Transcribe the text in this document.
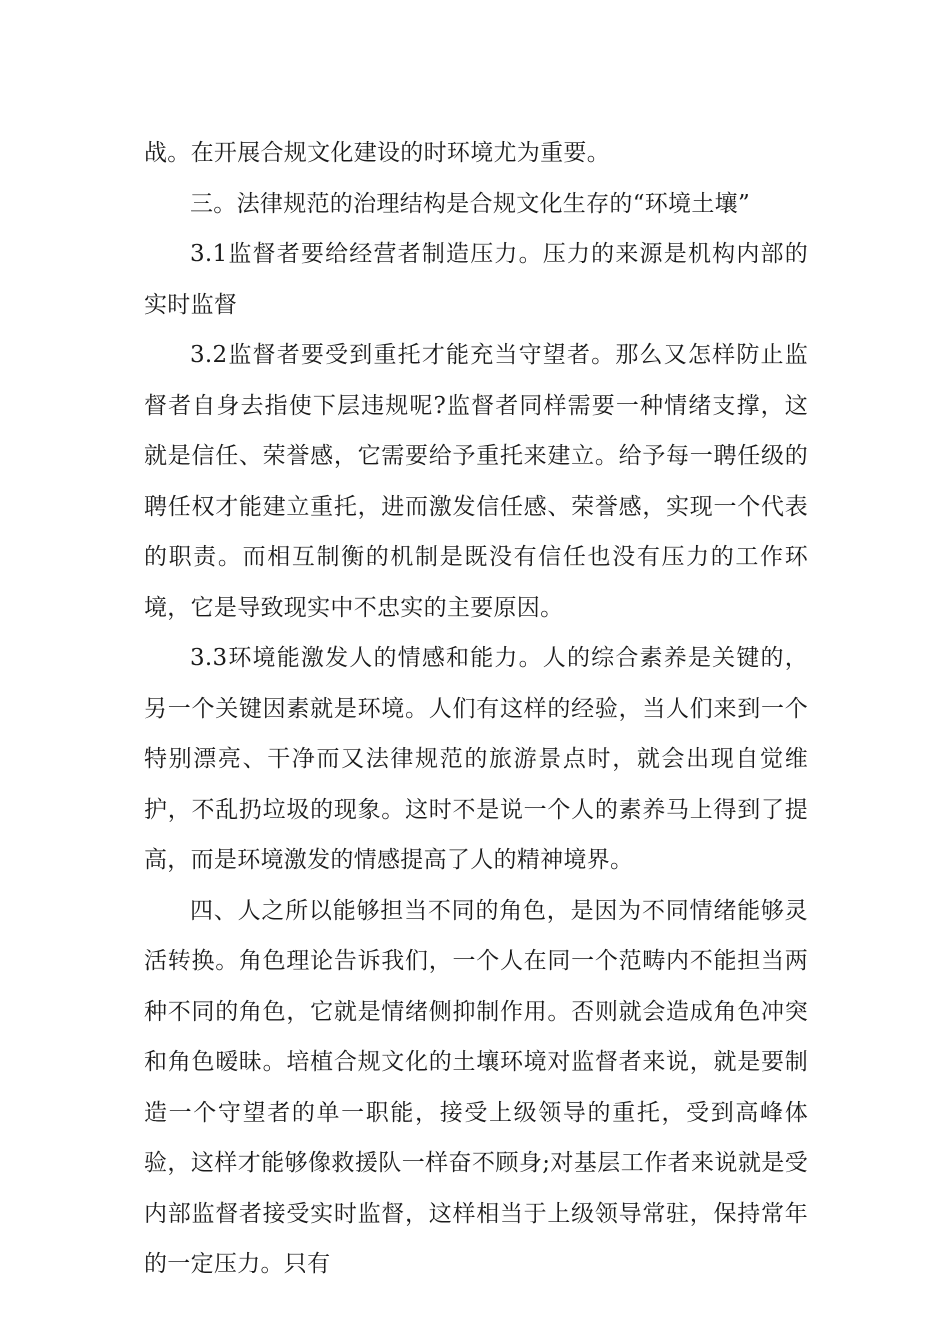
战。在开展合规文化建设的时环境尤为重要。

三。法律规范的治理结构是合规文化生存的“环境土壤”

3.1监督者要给经营者制造压力。压力的来源是机构内部的实时监督

3.2监督者要受到重托才能充当守望者。那么又怎样防止监督者自身去指使下层违规呢?监督者同样需要一种情绪支撑，这就是信任、荣誉感，它需要给予重托来建立。给予每一聘任级的聘任权才能建立重托，进而激发信任感、荣誉感，实现一个代表的职责。而相互制衡的机制是既没有信任也没有压力的工作环境，它是导致现实中不忠实的主要原因。

3.3环境能激发人的情感和能力。人的综合素养是关键的，另一个关键因素就是环境。人们有这样的经验，当人们来到一个特别漂亮、干净而又法律规范的旅游景点时，就会出现自觉维护，不乱扔垃圾的现象。这时不是说一个人的素养马上得到了提高，而是环境激发的情感提高了人的精神境界。

四、人之所以能够担当不同的角色，是因为不同情绪能够灵活转换。角色理论告诉我们，一个人在同一个范畴内不能担当两种不同的角色，它就是情绪侧抑制作用。否则就会造成角色冲突和角色暧昧。培植合规文化的土壤环境对监督者来说，就是要制造一个守望者的单一职能，接受上级领导的重托，受到高峰体验，这样才能够像救援队一样奋不顾身;对基层工作者来说就是受内部监督者接受实时监督，这样相当于上级领导常驻，保持常年的一定压力。只有
